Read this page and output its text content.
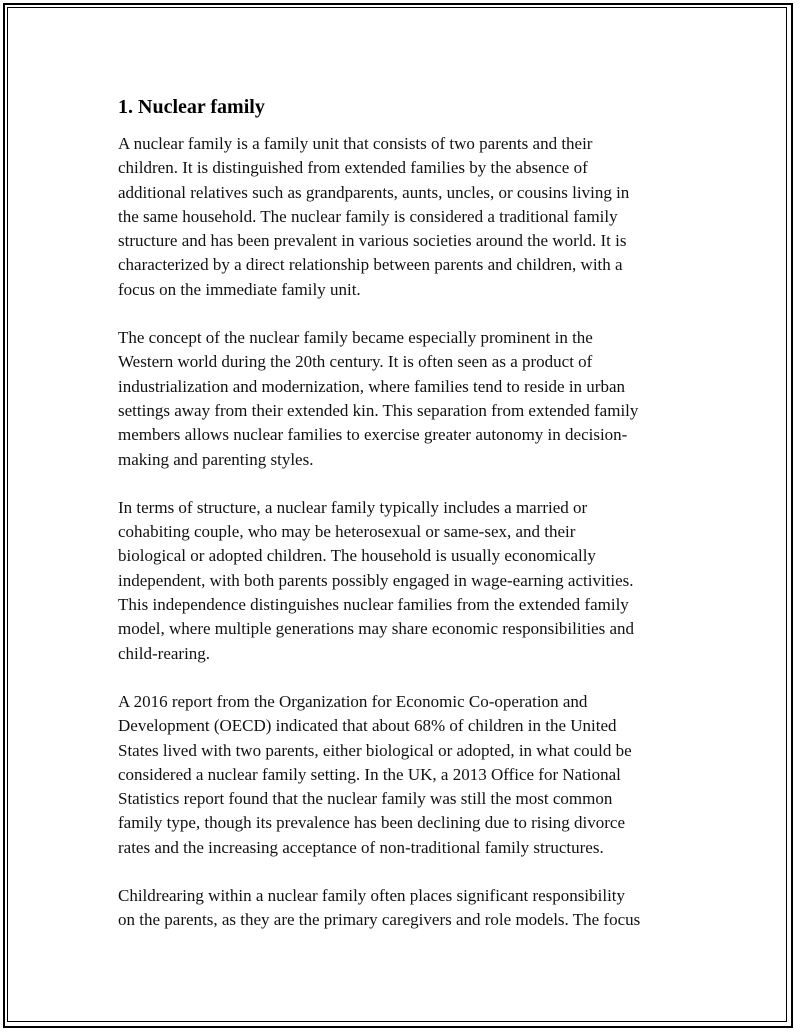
1. Nuclear family

A nuclear family is a family unit that consists of two parents and their
children. It is distinguished from extended families by the absence of
additional relatives such as grandparents, aunts, uncles, or cousins living in
the same household. The nuclear family is considered a traditional family
structure and has been prevalent in various societies around the world. It is
characterized by a direct relationship between parents and children, with a
focus on the immediate family unit.

The concept of the nuclear family became especially prominent in the
Western world during the 20th century. It is often seen as a product of
industrialization and modernization, where families tend to reside in urban
settings away from their extended kin. This separation from extended family
members allows nuclear families to exercise greater autonomy in decision-
making and parenting styles.

In terms of structure, a nuclear family typically includes a married or
cohabiting couple, who may be heterosexual or same-sex, and their
biological or adopted children. The household is usually economically
independent, with both parents possibly engaged in wage-earning activities.
This independence distinguishes nuclear families from the extended family
model, where multiple generations may share economic responsibilities and
child-rearing.

A 2016 report from the Organization for Economic Co-operation and
Development (OECD) indicated that about 68% of children in the United
States lived with two parents, either biological or adopted, in what could be
considered a nuclear family setting. In the UK, a 2013 Office for National
Statistics report found that the nuclear family was still the most common
family type, though its prevalence has been declining due to rising divorce
rates and the increasing acceptance of non-traditional family structures.

Childrearing within a nuclear family often places significant responsibility
on the parents, as they are the primary caregivers and role models. The focus
